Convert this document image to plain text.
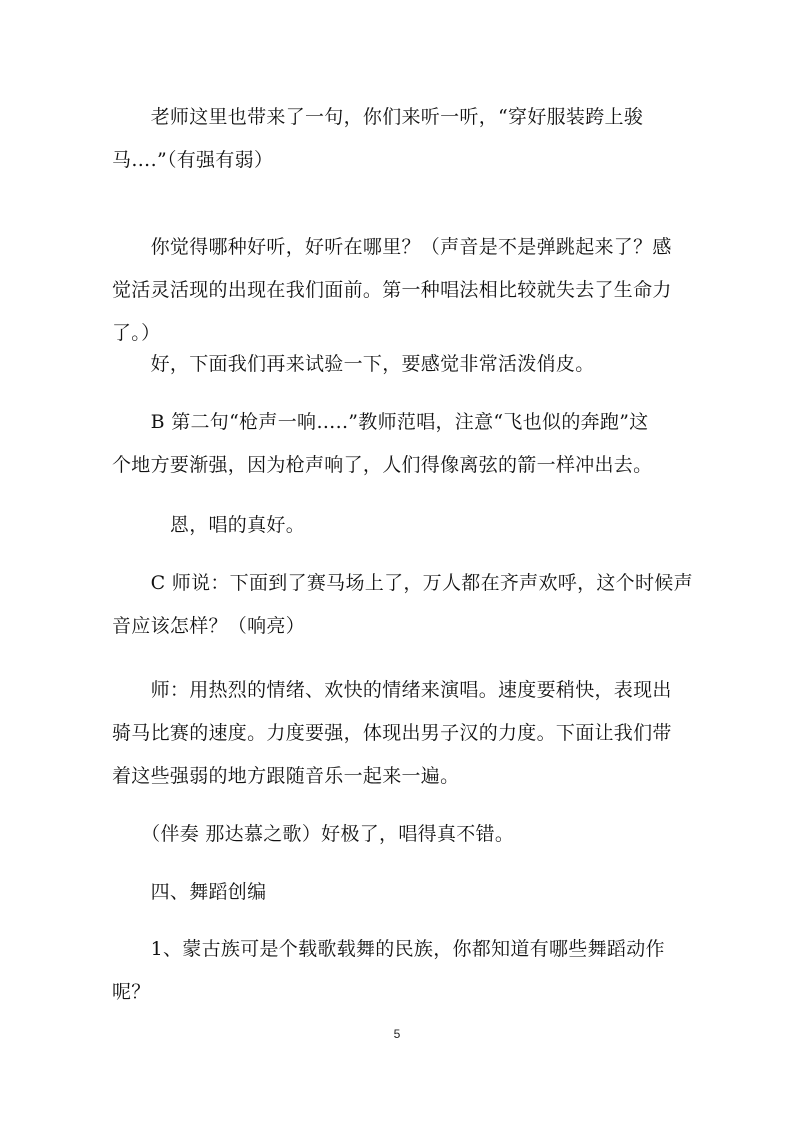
　　老师这里也带来了一句，你们来听一听，“穿好服装跨上骏
马….”（有强有弱）
　　你觉得哪种好听，好听在哪里？（声音是不是弹跳起来了？感
觉活灵活现的出现在我们面前。第一种唱法相比较就失去了生命力
了。）
　　好，下面我们再来试验一下，要感觉非常活泼俏皮。
　　B 第二句“枪声一响…..”教师范唱，注意“飞也似的奔跑”这
个地方要渐强，因为枪声响了，人们得像离弦的箭一样冲出去。
　　　恩，唱的真好。
　　C 师说：下面到了赛马场上了，万人都在齐声欢呼，这个时候声
音应该怎样？（响亮）
　　师：用热烈的情绪、欢快的情绪来演唱。速度要稍快，表现出
骑马比赛的速度。力度要强，体现出男子汉的力度。下面让我们带
着这些强弱的地方跟随音乐一起来一遍。
　　（伴奏 那达慕之歌）好极了，唱得真不错。
　　四、舞蹈创编
　　1、蒙古族可是个载歌载舞的民族，你都知道有哪些舞蹈动作
呢？
5
